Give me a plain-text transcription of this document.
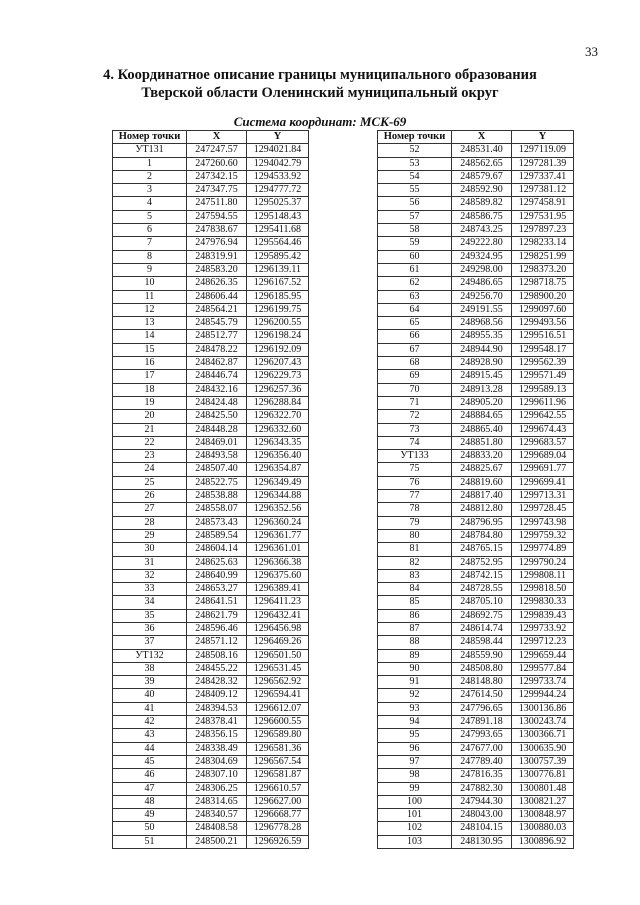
33
4. Координатное описание границы муниципального образования
Тверской области Оленинский муниципальный округ
Система координат: МСК-69
Номер точки	X	Y
УТ131	247247.57	1294021.84
1	247260.60	1294042.79
2	247342.15	1294533.92
3	247347.75	1294777.72
4	247511.80	1295025.37
5	247594.55	1295148.43
6	247838.67	1295411.68
7	247976.94	1295564.46
8	248319.91	1295895.42
9	248583.20	1296139.11
10	248626.35	1296167.52
11	248606.44	1296185.95
12	248564.21	1296199.75
13	248545.79	1296200.55
14	248512.77	1296198.24
15	248478.22	1296192.09
16	248462.87	1296207.43
17	248446.74	1296229.73
18	248432.16	1296257.36
19	248424.48	1296288.84
20	248425.50	1296322.70
21	248448.28	1296332.60
22	248469.01	1296343.35
23	248493.58	1296356.40
24	248507.40	1296354.87
25	248522.75	1296349.49
26	248538.88	1296344.88
27	248558.07	1296352.56
28	248573.43	1296360.24
29	248589.54	1296361.77
30	248604.14	1296361.01
31	248625.63	1296366.38
32	248640.99	1296375.60
33	248653.27	1296389.41
34	248641.51	1296411.23
35	248621.79	1296432.41
36	248596.46	1296456.98
37	248571.12	1296469.26
УТ132	248508.16	1296501.50
38	248455.22	1296531.45
39	248428.32	1296562.92
40	248409.12	1296594.41
41	248394.53	1296612.07
42	248378.41	1296600.55
43	248356.15	1296589.80
44	248338.49	1296581.36
45	248304.69	1296567.54
46	248307.10	1296581.87
47	248306.25	1296610.57
48	248314.65	1296627.00
49	248340.57	1296668.77
50	248408.58	1296778.28
51	248500.21	1296926.59
Номер точки	X	Y
52	248531.40	1297119.09
53	248562.65	1297281.39
54	248579.67	1297337.41
55	248592.90	1297381.12
56	248589.82	1297458.91
57	248586.75	1297531.95
58	248743.25	1297897.23
59	249222.80	1298233.14
60	249324.95	1298251.99
61	249298.00	1298373.20
62	249486.65	1298718.75
63	249256.70	1298900.20
64	249191.55	1299097.60
65	248968.56	1299493.56
66	248955.35	1299516.51
67	248944.90	1299548.17
68	248928.90	1299562.39
69	248915.45	1299571.49
70	248913.28	1299589.13
71	248905.20	1299611.96
72	248884.65	1299642.55
73	248865.40	1299674.43
74	248851.80	1299683.57
УТ133	248833.20	1299689.04
75	248825.67	1299691.77
76	248819.60	1299699.41
77	248817.40	1299713.31
78	248812.80	1299728.45
79	248796.95	1299743.98
80	248784.80	1299759.32
81	248765.15	1299774.89
82	248752.95	1299790.24
83	248742.15	1299808.11
84	248728.55	1299818.50
85	248705.10	1299830.33
86	248692.75	1299839.43
87	248614.74	1299733.92
88	248598.44	1299712.23
89	248559.90	1299659.44
90	248508.80	1299577.84
91	248148.80	1299733.74
92	247614.50	1299944.24
93	247796.65	1300136.86
94	247891.18	1300243.74
95	247993.65	1300366.71
96	247677.00	1300635.90
97	247789.40	1300757.39
98	247816.35	1300776.81
99	247882.30	1300801.48
100	247944.30	1300821.27
101	248043.00	1300848.97
102	248104.15	1300880.03
103	248130.95	1300896.92
